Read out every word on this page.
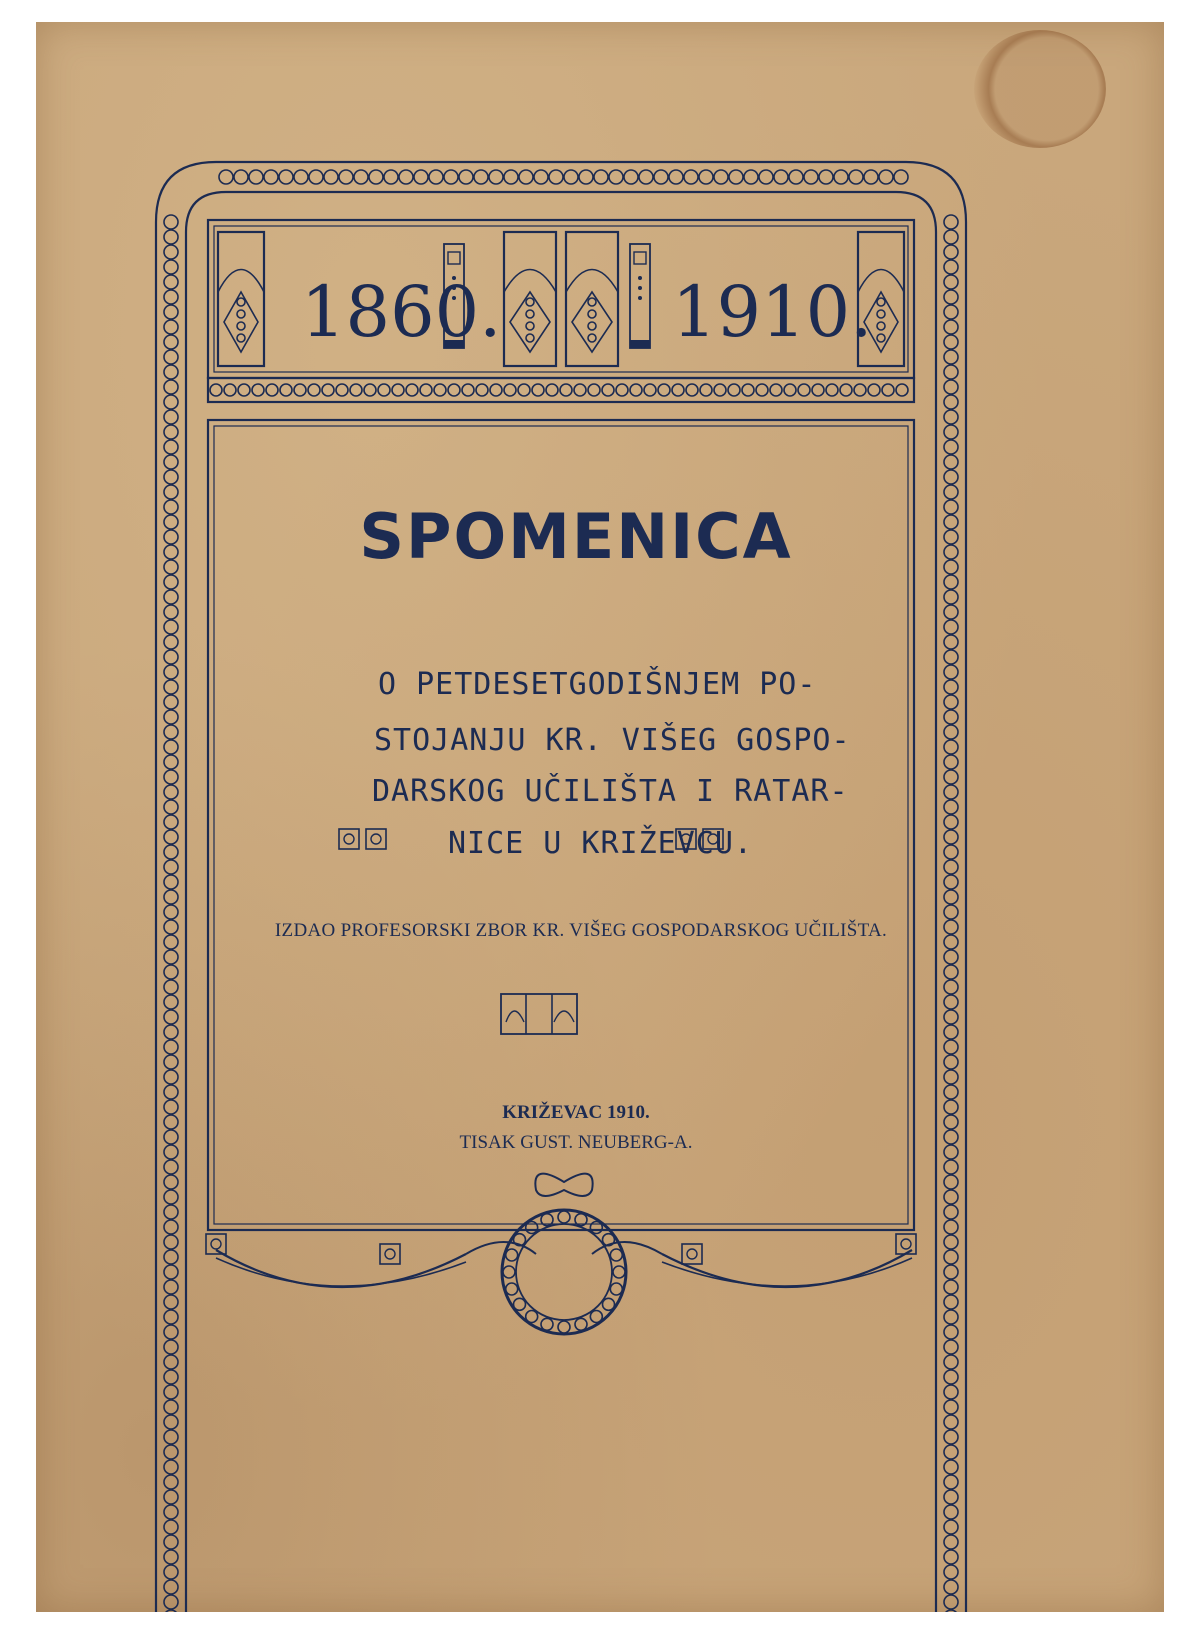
1860. 1910.
SPOMENICA
O PETDESETGODIŠNJEM PO-
STOJANJU KR. VIŠEG GOSPO-
DARSKOG UČILIŠTA I RATAR-
NICE U KRIŽEVCU.
IZDAO PROFESORSKI ZBOR KR. VIŠEG GOSPODARSKOG UČILIŠTA.
KRIŽEVAC 1910.
TISAK GUST. NEUBERG-A.
